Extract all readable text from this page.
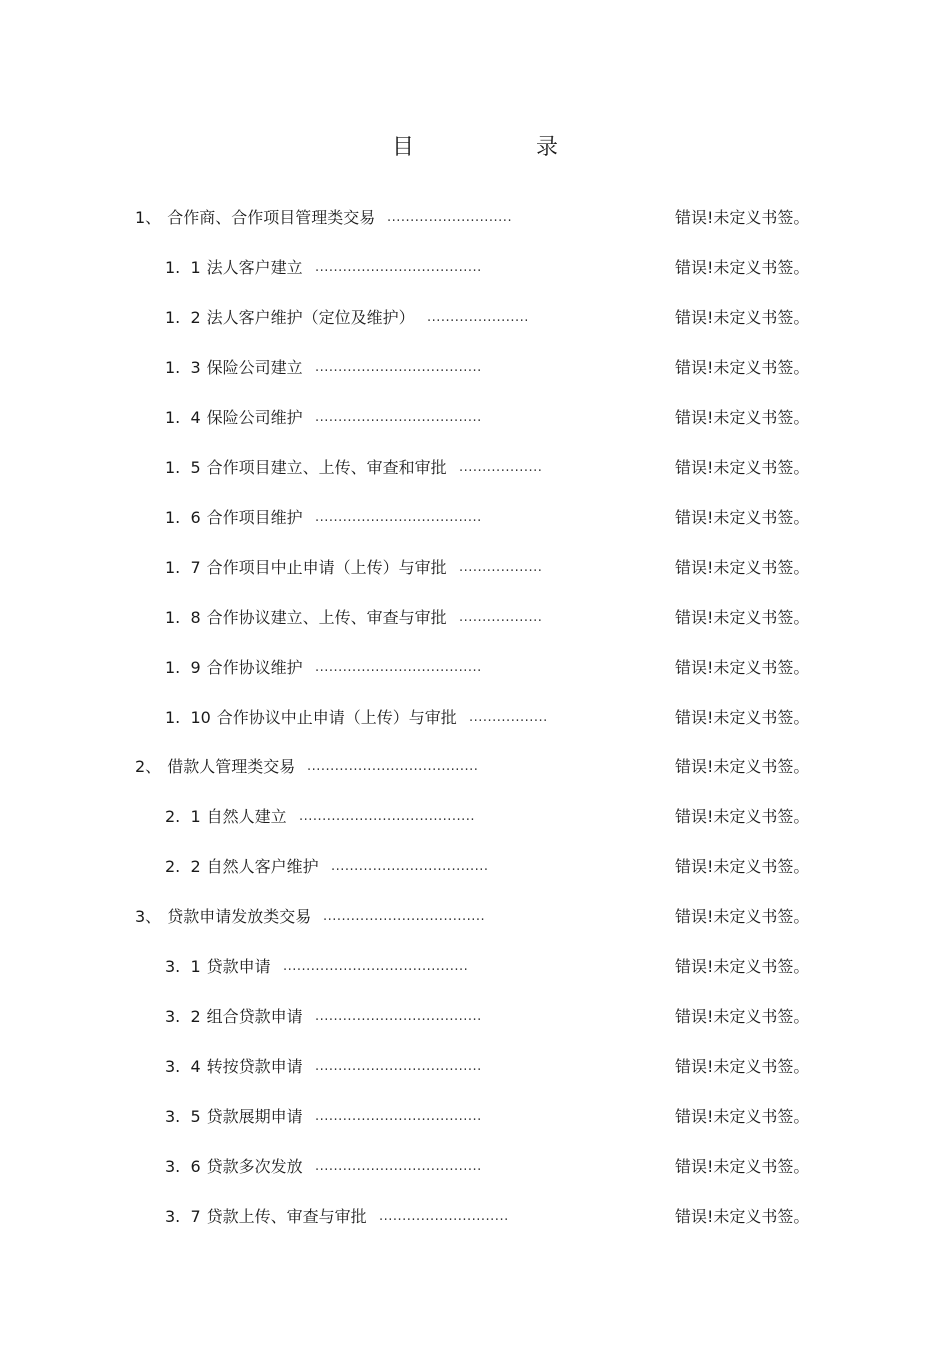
目　录
1、 合作商、合作项目管理类交易 ...........................	错误!未定义书签。
1.  1 法人客户建立 ....................................	错误!未定义书签。
1.  2 法人客户维护（定位及维护） ......................	错误!未定义书签。
1.  3 保险公司建立 ....................................	错误!未定义书签。
1.  4 保险公司维护 ....................................	错误!未定义书签。
1.  5 合作项目建立、上传、审查和审批 ..................	错误!未定义书签。
1.  6 合作项目维护 ....................................	错误!未定义书签。
1.  7 合作项目中止申请（上传）与审批 ..................	错误!未定义书签。
1.  8 合作协议建立、上传、审查与审批 ..................	错误!未定义书签。
1.  9 合作协议维护 ....................................	错误!未定义书签。
1.  10 合作协议中止申请（上传）与审批 .................	错误!未定义书签。
2、 借款人管理类交易 .....................................	错误!未定义书签。
2.  1 自然人建立 ......................................	错误!未定义书签。
2.  2 自然人客户维护 ..................................	错误!未定义书签。
3、 贷款申请发放类交易 ...................................	错误!未定义书签。
3.  1 贷款申请 ........................................	错误!未定义书签。
3.  2 组合贷款申请 ....................................	错误!未定义书签。
3.  4 转按贷款申请 ....................................	错误!未定义书签。
3.  5 贷款展期申请 ....................................	错误!未定义书签。
3.  6 贷款多次发放 ....................................	错误!未定义书签。
3.  7 贷款上传、审查与审批 ............................	错误!未定义书签。
